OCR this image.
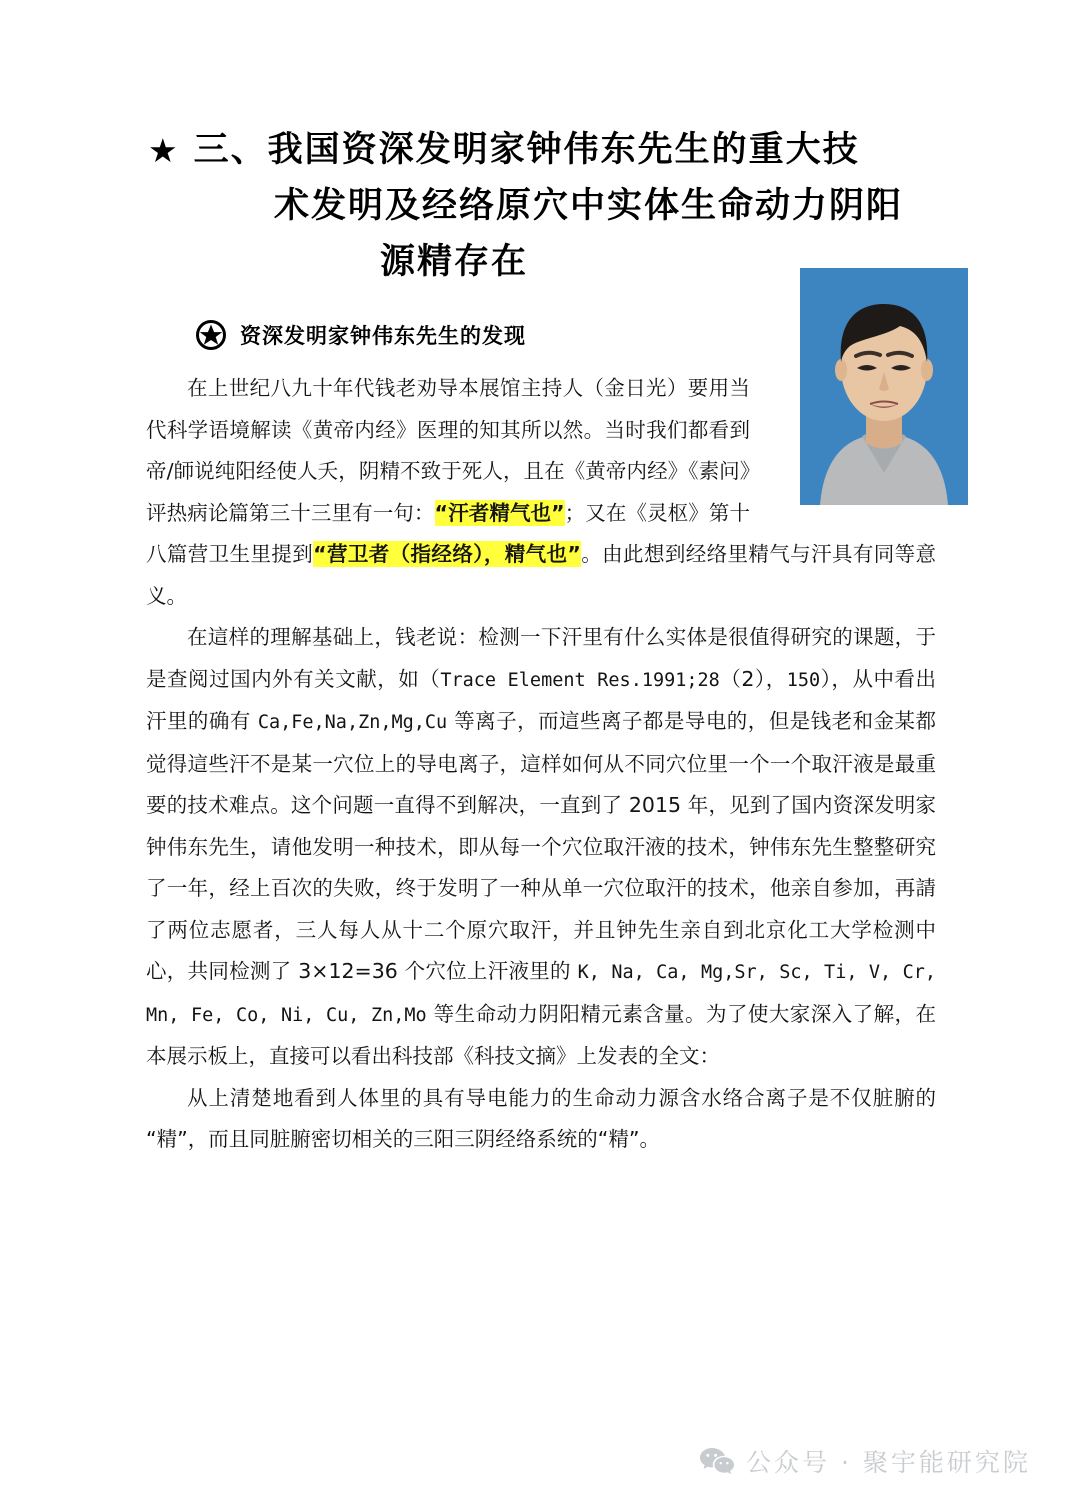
★ 三、我国资深发明家钟伟东先生的重大技
术发明及经络原穴中实体生命动力阴阳
源精存在
资深发明家钟伟东先生的发现

在上世纪八九十年代钱老劝导本展馆主持人（金日光）要用当代科学语境解读《黄帝内经》医理的知其所以然。当时我们都看到帝/師说纯阳经使人夭，阴精不致于死人，且在《黄帝内经》《素问》评热病论篇第三十三里有一句：“汗者精气也”；又在《灵枢》第十八篇营卫生里提到“营卫者（指经络），精气也”。由此想到经络里精气与汗具有同等意义。

在這样的理解基础上，钱老说：检测一下汗里有什么实体是很值得研究的课题，于是查阅过国内外有关文献，如（Trace Element Res.1991;28（2），150），从中看出汗里的确有 Ca,Fe,Na,Zn,Mg,Cu 等离子，而這些离子都是导电的，但是钱老和金某都觉得這些汗不是某一穴位上的导电离子，這样如何从不同穴位里一个一个取汗液是最重要的技术难点。这个问题一直得不到解决，一直到了 2015 年，见到了国内资深发明家钟伟东先生，请他发明一种技术，即从每一个穴位取汗液的技术，钟伟东先生整整研究了一年，经上百次的失败，终于发明了一种从单一穴位取汗的技术，他亲自参加，再請了两位志愿者，三人每人从十二个原穴取汗，并且钟先生亲自到北京化工大学检测中心，共同检测了 3×12=36 个穴位上汗液里的 K, Na, Ca, Mg,Sr, Sc, Ti, V, Cr, Mn, Fe, Co, Ni, Cu, Zn,Mo 等生命动力阴阳精元素含量。为了使大家深入了解，在本展示板上，直接可以看出科技部《科技文摘》上发表的全文：

从上清楚地看到人体里的具有导电能力的生命动力源含水络合离子是不仅脏腑的“精”，而且同脏腑密切相关的三阳三阴经络系统的“精”。

公众号 · 聚宇能研究院
